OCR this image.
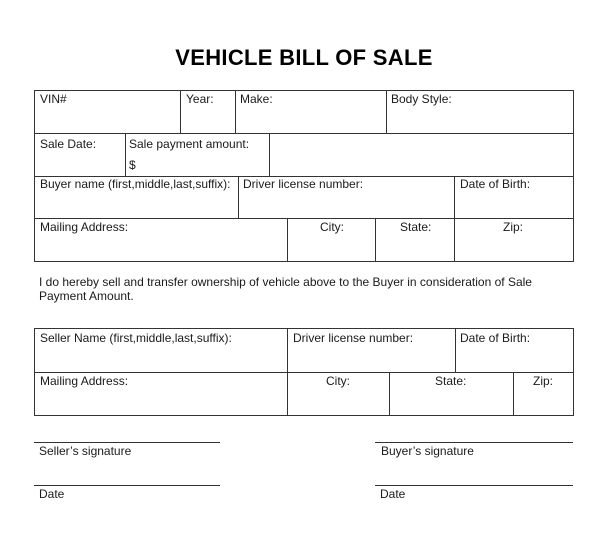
VEHICLE BILL OF SALE
VIN#	Year: Make:	Body Style:
Sale Date:	Sale payment amount:
$
Buyer name (first,middle,last,suffix): Driver license number:	Date of Birth:
Mailing Address:	City:	State:	Zip:
I do hereby sell and transfer ownership of vehicle above to the Buyer in consideration of Sale Payment Amount.
Seller Name (first,middle,last,suffix):	Driver license number:	Date of Birth:
Mailing Address:	City:	State:	Zip:
Seller’s signature	Buyer’s signature
Date	Date
